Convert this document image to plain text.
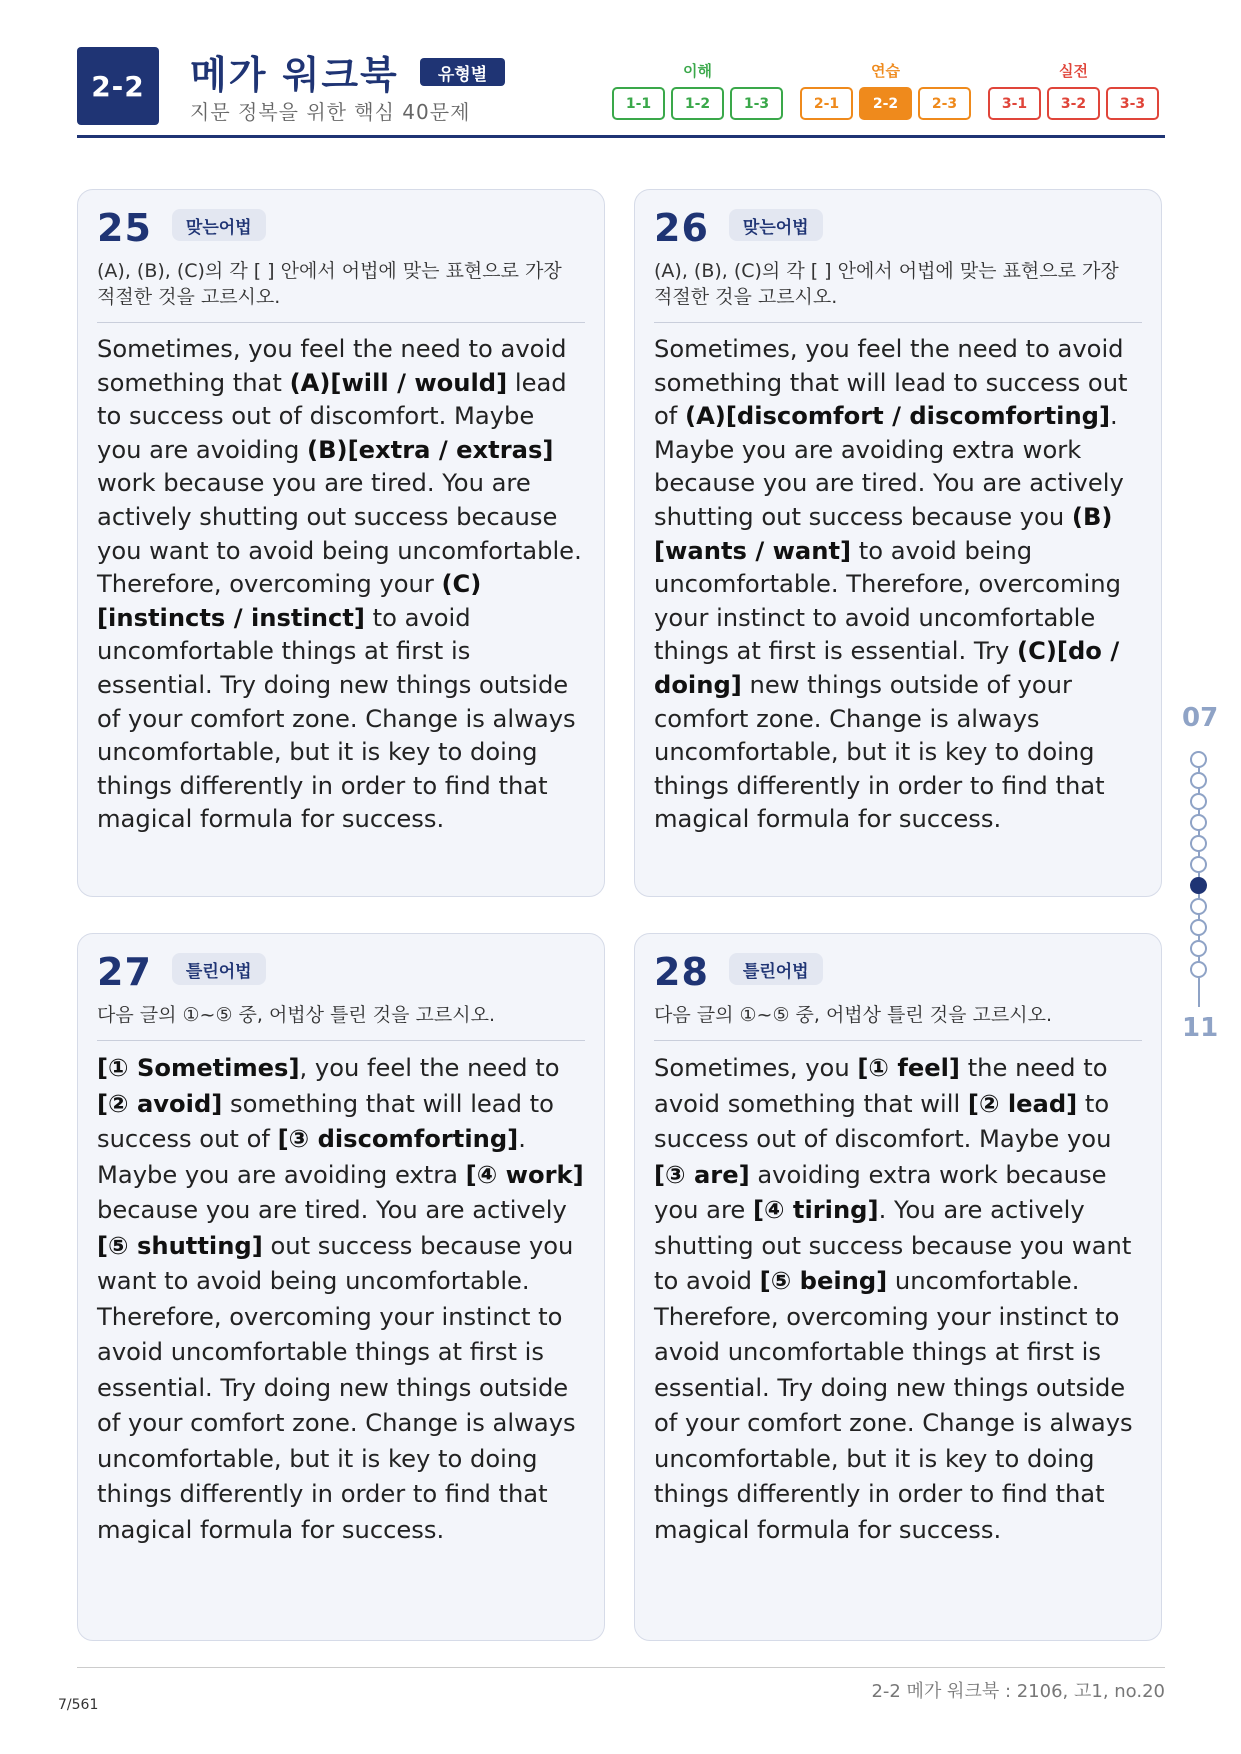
2-2	메가 워크북	유형별
지문 정복을 위한 핵심 40문제
이해
1-1	1-2	1-3
연습
2-1	2-2	2-3
실전
3-1	3-2	3-3
25	맞는어법
(A), (B), (C)의 각 [ ] 안에서 어법에 맞는 표현으로 가장 적절한 것을 고르시오.
Sometimes, you feel the need to avoid something that (A)[will / would] lead to success out of discomfort. Maybe you are avoiding (B)[extra / extras] work because you are tired. You are actively shutting out success because you want to avoid being uncomfortable. Therefore, overcoming your (C)[instincts / instinct] to avoid uncomfortable things at first is essential. Try doing new things outside of your comfort zone. Change is always uncomfortable, but it is key to doing things differently in order to find that magical formula for success.
26	맞는어법
(A), (B), (C)의 각 [ ] 안에서 어법에 맞는 표현으로 가장 적절한 것을 고르시오.
Sometimes, you feel the need to avoid something that will lead to success out of (A)[discomfort / discomforting]. Maybe you are avoiding extra work because you are tired. You are actively shutting out success because you (B)[wants / want] to avoid being uncomfortable. Therefore, overcoming your instinct to avoid uncomfortable things at first is essential. Try (C)[do / doing] new things outside of your comfort zone. Change is always uncomfortable, but it is key to doing things differently in order to find that magical formula for success.
27	틀린어법
다음 글의 ①~⑤ 중, 어법상 틀린 것을 고르시오.
[① Sometimes], you feel the need to [② avoid] something that will lead to success out of [③ discomforting]. Maybe you are avoiding extra [④ work] because you are tired. You are actively [⑤ shutting] out success because you want to avoid being uncomfortable. Therefore, overcoming your instinct to avoid uncomfortable things at first is essential. Try doing new things outside of your comfort zone. Change is always uncomfortable, but it is key to doing things differently in order to find that magical formula for success.
28	틀린어법
다음 글의 ①~⑤ 중, 어법상 틀린 것을 고르시오.
Sometimes, you [① feel] the need to avoid something that will [② lead] to success out of discomfort. Maybe you [③ are] avoiding extra work because you are [④ tiring]. You are actively shutting out success because you want to avoid [⑤ being] uncomfortable. Therefore, overcoming your instinct to avoid uncomfortable things at first is essential. Try doing new things outside of your comfort zone. Change is always uncomfortable, but it is key to doing things differently in order to find that magical formula for success.
07
11
2-2 메가 워크북 : 2106, 고1, no.20
7/561
